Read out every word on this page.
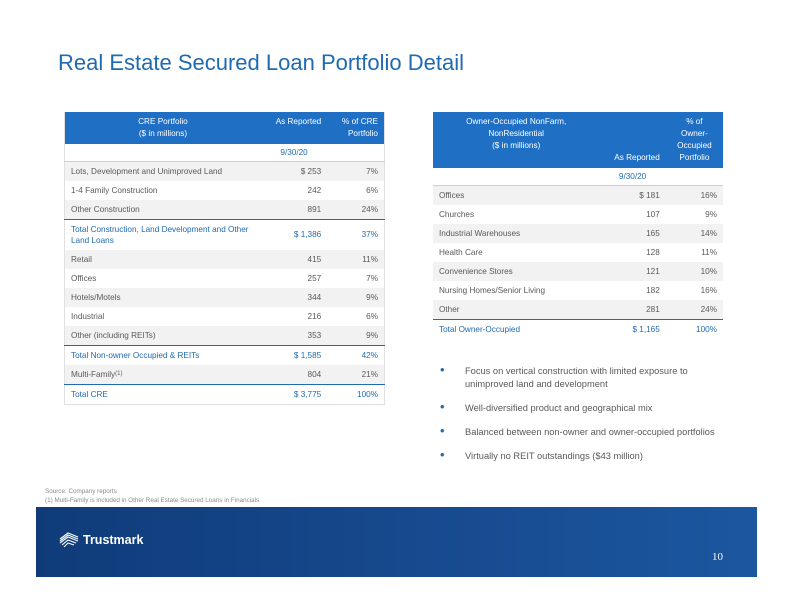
Real Estate Secured Loan Portfolio Detail
CRE Portfolio
($ in millions)	As Reported	% of CRE
Portfolio
	9/30/20	
Lots, Development and Unimproved Land	$ 253	7%
1-4 Family Construction	242	6%
Other Construction	891	24%
Total Construction, Land Development and Other Land Loans	$ 1,386	37%
Retail	415	11%
Offices	257	7%
Hotels/Motels	344	9%
Industrial	216	6%
Other (including REITs)	353	9%
Total Non-owner Occupied & REITs	$ 1,585	42%
Multi-Family$^{(1)}$	804	21%
Total CRE	$ 3,775	100%
Owner-Occupied NonFarm,
NonResidential
($ in millions)	As Reported	% of Owner-
Occupied
Portfolio
	9/30/20	
Offices	$ 181	16%
Churches	107	9%
Industrial Warehouses	165	14%
Health Care	128	11%
Convenience Stores	121	10%
Nursing Homes/Senior Living	182	16%
Other	281	24%
Total Owner-Occupied	$ 1,165	100%
• Focus on vertical construction with limited exposure to unimproved land and development
• Well-diversified product and geographical mix
• Balanced between non-owner and owner-occupied portfolios
• Virtually no REIT outstandings ($43 million)
Source: Company reports
(1) Multi-Family is included in Other Real Estate Secured Loans in Financials
Trustmark
10
